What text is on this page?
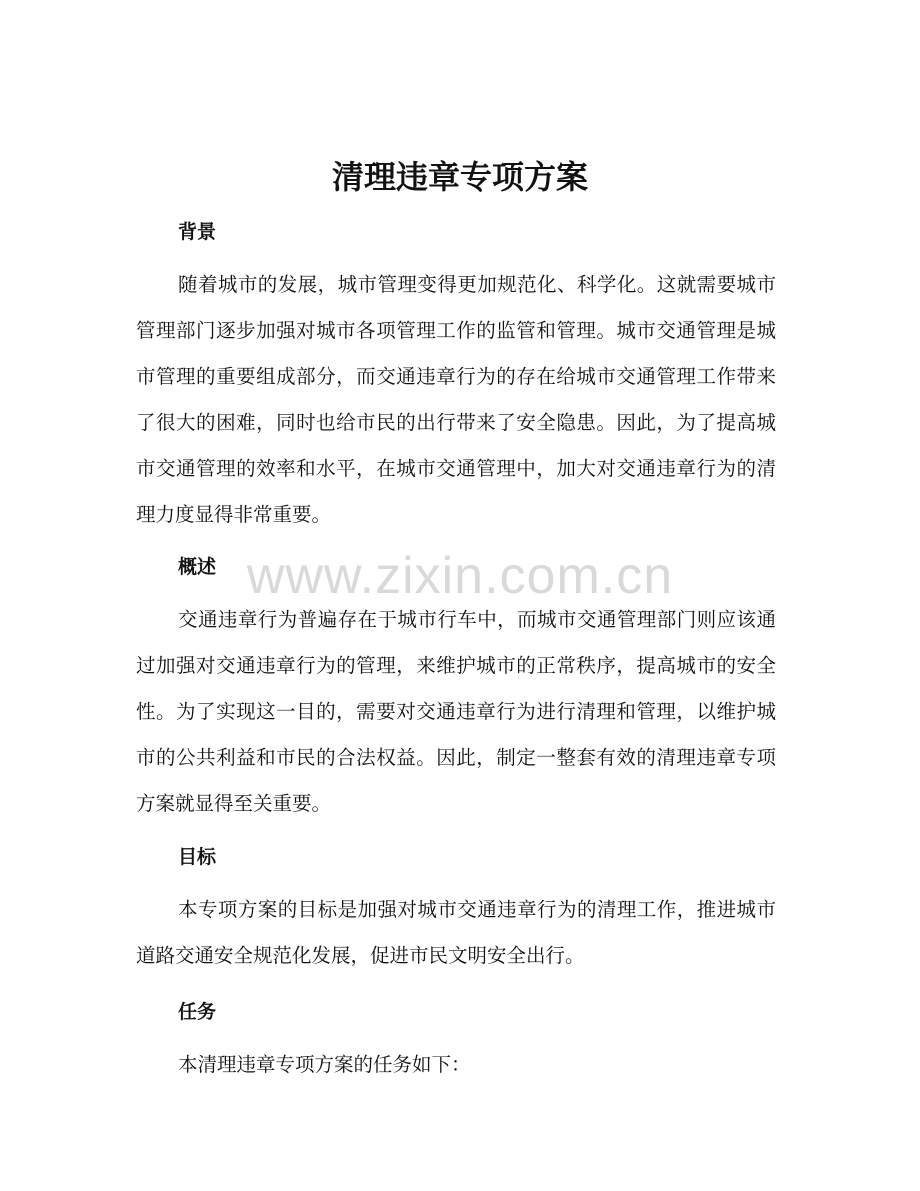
清理违章专项方案
背景

随着城市的发展，城市管理变得更加规范化、科学化。这就需要城市管理部门逐步加强对城市各项管理工作的监管和管理。城市交通管理是城市管理的重要组成部分，而交通违章行为的存在给城市交通管理工作带来了很大的困难，同时也给市民的出行带来了安全隐患。因此，为了提高城市交通管理的效率和水平，在城市交通管理中，加大对交通违章行为的清理力度显得非常重要。

概述

交通违章行为普遍存在于城市行车中，而城市交通管理部门则应该通过加强对交通违章行为的管理，来维护城市的正常秩序，提高城市的安全性。为了实现这一目的，需要对交通违章行为进行清理和管理，以维护城市的公共利益和市民的合法权益。因此，制定一整套有效的清理违章专项方案就显得至关重要。

目标

本专项方案的目标是加强对城市交通违章行为的清理工作，推进城市道路交通安全规范化发展，促进市民文明安全出行。

任务

本清理违章专项方案的任务如下：

www.zixin.com.cn
